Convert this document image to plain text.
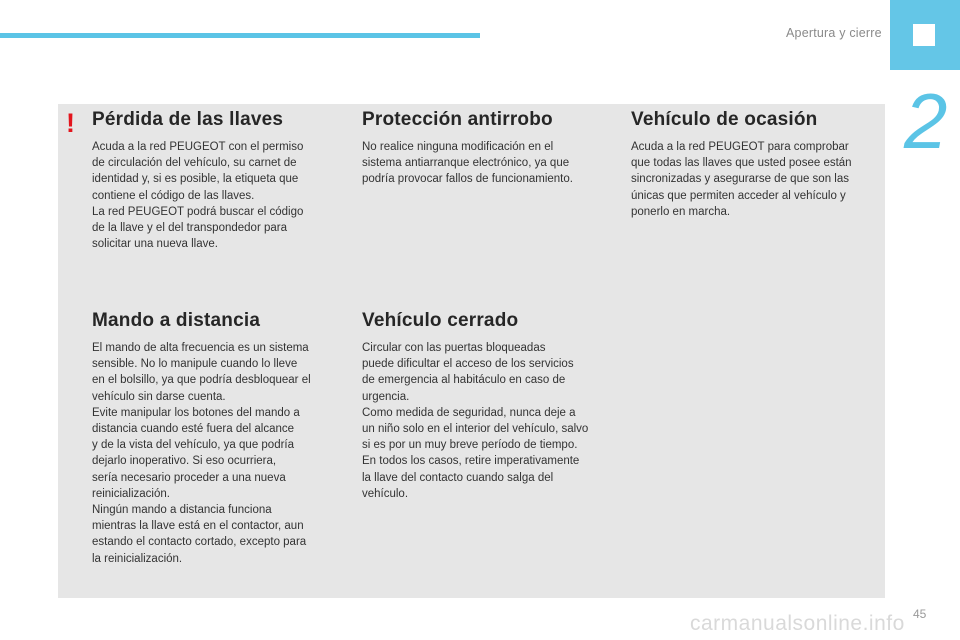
Apertura y cierre
2
! Pérdida de las llaves

Acuda a la red PEUGEOT con el permiso
de circulación del vehículo, su carnet de
identidad y, si es posible, la etiqueta que
contiene el código de las llaves.
La red PEUGEOT podrá buscar el código
de la llave y el del transpondedor para
solicitar una nueva llave.

Protección antirrobo

No realice ninguna modificación en el
sistema antiarranque electrónico, ya que
podría provocar fallos de funcionamiento.

Vehículo de ocasión

Acuda a la red PEUGEOT para comprobar
que todas las llaves que usted posee están
sincronizadas y asegurarse de que son las
únicas que permiten acceder al vehículo y
ponerlo en marcha.

Mando a distancia

El mando de alta frecuencia es un sistema
sensible. No lo manipule cuando lo lleve
en el bolsillo, ya que podría desbloquear el
vehículo sin darse cuenta.
Evite manipular los botones del mando a
distancia cuando esté fuera del alcance
y de la vista del vehículo, ya que podría
dejarlo inoperativo. Si eso ocurriera,
sería necesario proceder a una nueva
reinicialización.
Ningún mando a distancia funciona
mientras la llave está en el contactor, aun
estando el contacto cortado, excepto para
la reinicialización.

Vehículo cerrado

Circular con las puertas bloqueadas
puede dificultar el acceso de los servicios
de emergencia al habitáculo en caso de
urgencia.
Como medida de seguridad, nunca deje a
un niño solo en el interior del vehículo, salvo
si es por un muy breve período de tiempo.
En todos los casos, retire imperativamente
la llave del contacto cuando salga del
vehículo.

carmanualsonline.info 45
